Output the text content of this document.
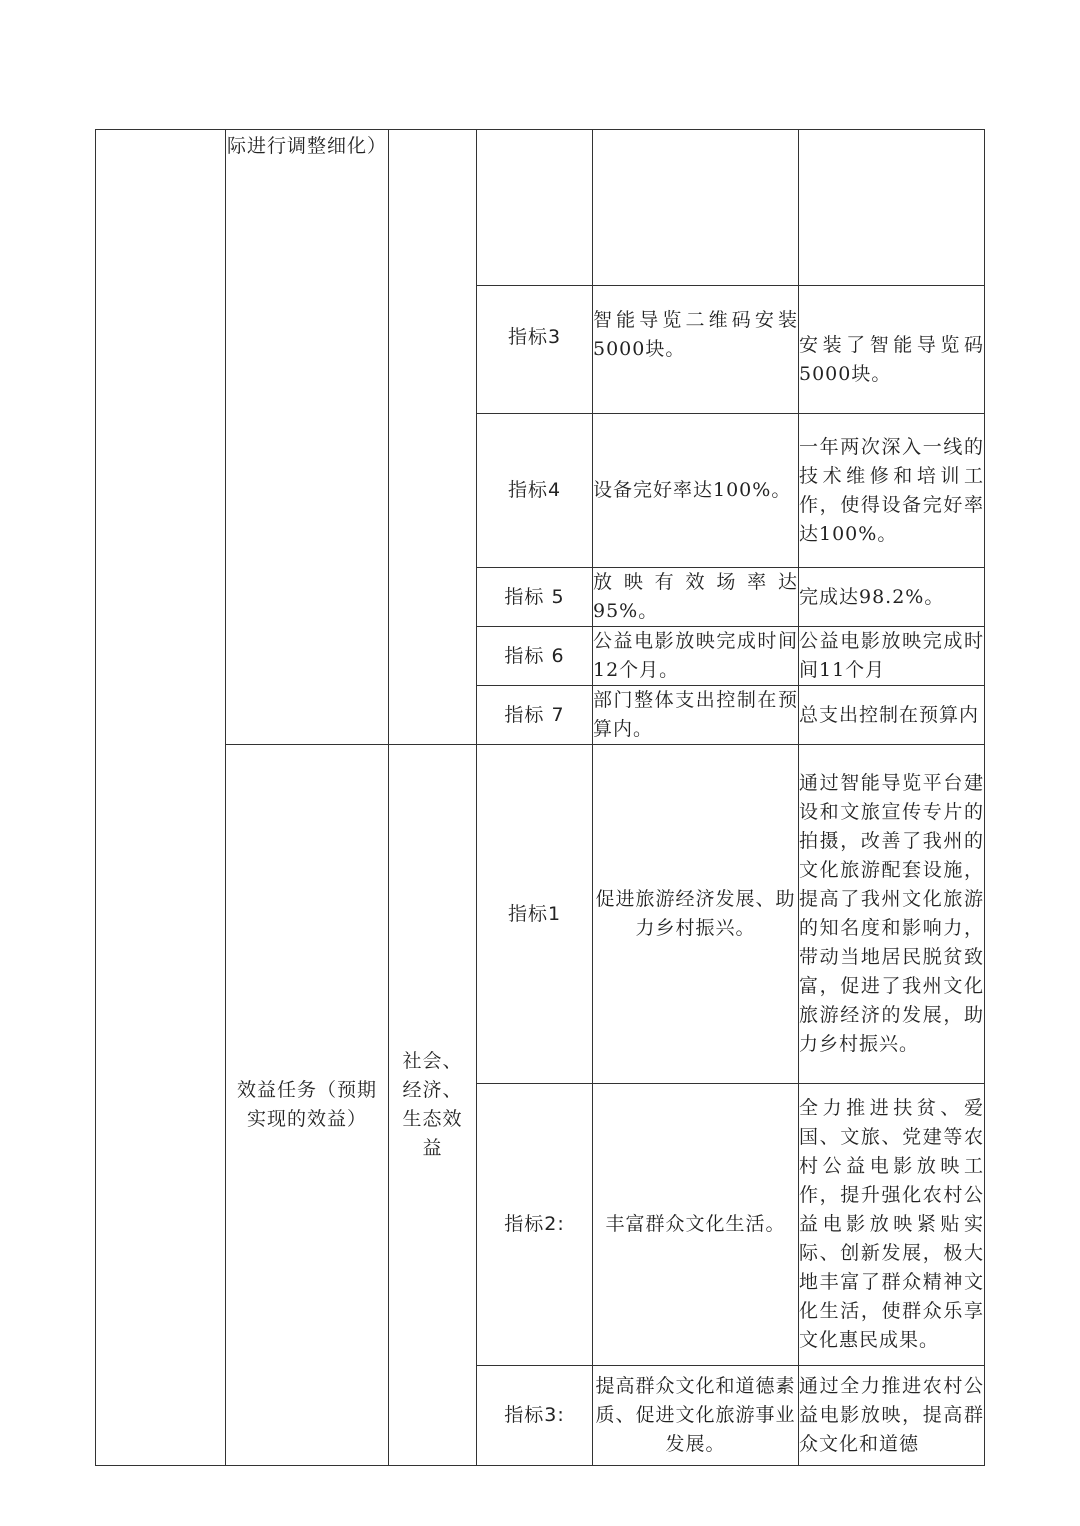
	际进行调整细化）				

			指标3	智能导览二维码安装5000块。	安装了智能导览码5000块。

			指标4	设备完好率达100%。	一年两次深入一线的技术维修和培训工作，使得设备完好率达100%。
			指标 5	放映有效场率达95%。	完成达98.2%。
			指标 6	公益电影放映完成时间12个月。	公益电影放映完成时间11个月
			指标 7	部门整体支出控制在预算内。	总支出控制在预算内

	效益任务（预期实现的效益）	社会、经济、生态效益	指标1	促进旅游经济发展、助力乡村振兴。	通过智能导览平台建设和文旅宣传专片的拍摄，改善了我州的文化旅游配套设施，提高了我州文化旅游的知名度和影响力，带动当地居民脱贫致富，促进了我州文化旅游经济的发展，助力乡村振兴。
			指标2:	丰富群众文化生活。	全力推进扶贫、爱国、文旅、党建等农村公益电影放映工作，提升强化农村公益电影放映紧贴实际、创新发展，极大地丰富了群众精神文化生活，使群众乐享文化惠民成果。
			指标3:	提高群众文化和道德素质、促进文化旅游事业发展。	通过全力推进农村公益电影放映，提高群众文化和道德
